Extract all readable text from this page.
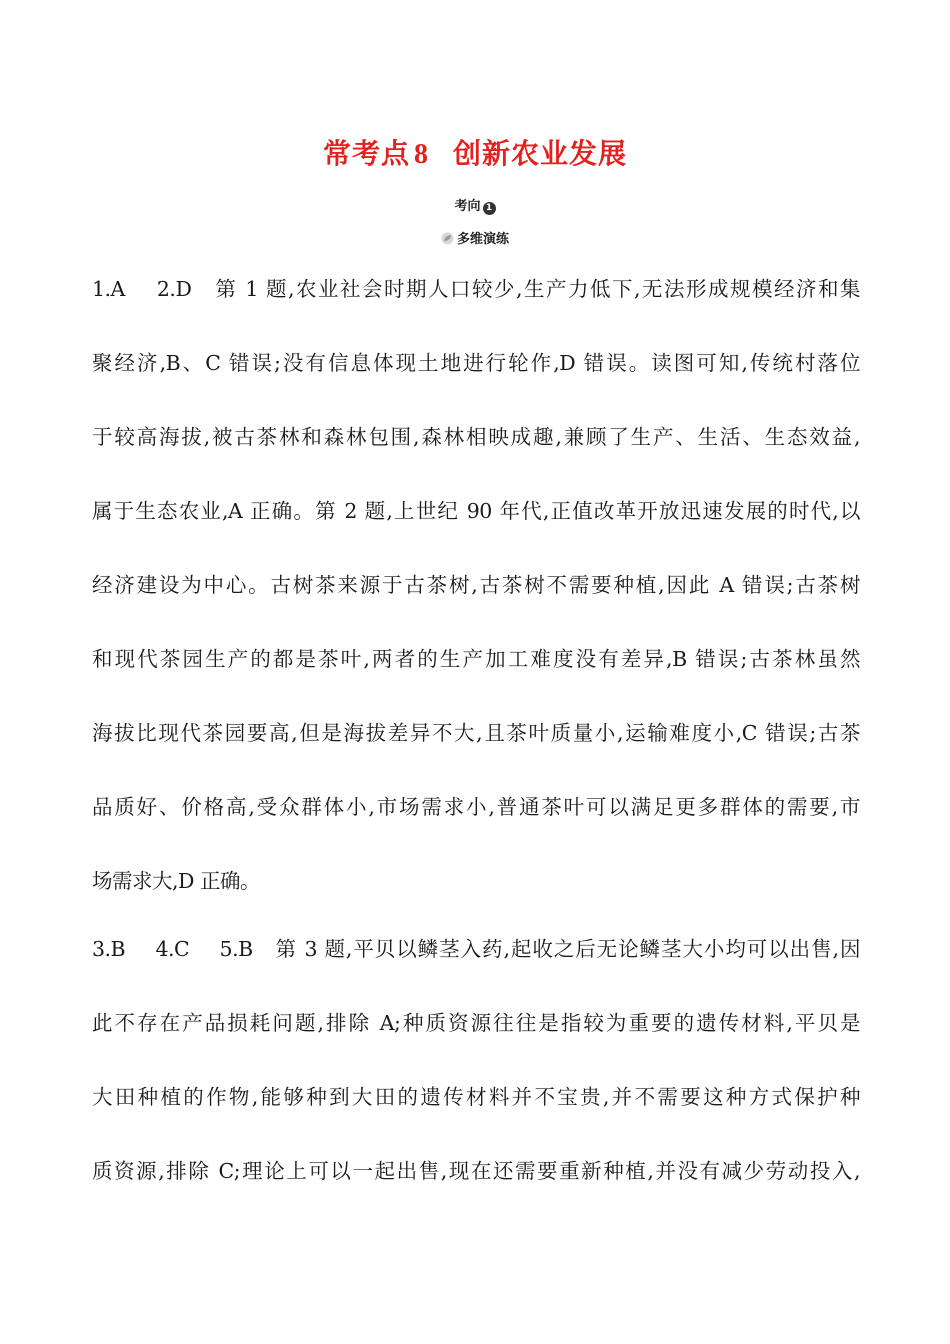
常考点 8 创新农业发展
考向 1
多维演练
1.A　 2.D　第 1 题,农业社会时期人口较少,生产力低下,无法形成规模经济和集
聚经济,B、C 错误;没有信息体现土地进行轮作,D 错误。读图可知,传统村落位
于较高海拔,被古茶林和森林包围,森林相映成趣,兼顾了生产、生活、生态效益,
属于生态农业,A 正确。第 2 题,上世纪 90 年代,正值改革开放迅速发展的时代,以
经济建设为中心。古树茶来源于古茶树,古茶树不需要种植,因此 A 错误;古茶树
和现代茶园生产的都是茶叶,两者的生产加工难度没有差异,B 错误;古茶林虽然
海拔比现代茶园要高,但是海拔差异不大,且茶叶质量小,运输难度小,C 错误;古茶
品质好、价格高,受众群体小,市场需求小,普通茶叶可以满足更多群体的需要,市
场需求大,D 正确。
3.B　 4.C　 5.B　第 3 题,平贝以鳞茎入药,起收之后无论鳞茎大小均可以出售,因
此不存在产品损耗问题,排除 A;种质资源往往是指较为重要的遗传材料,平贝是
大田种植的作物,能够种到大田的遗传材料并不宝贵,并不需要这种方式保护种
质资源,排除 C;理论上可以一起出售,现在还需要重新种植,并没有减少劳动投入,
